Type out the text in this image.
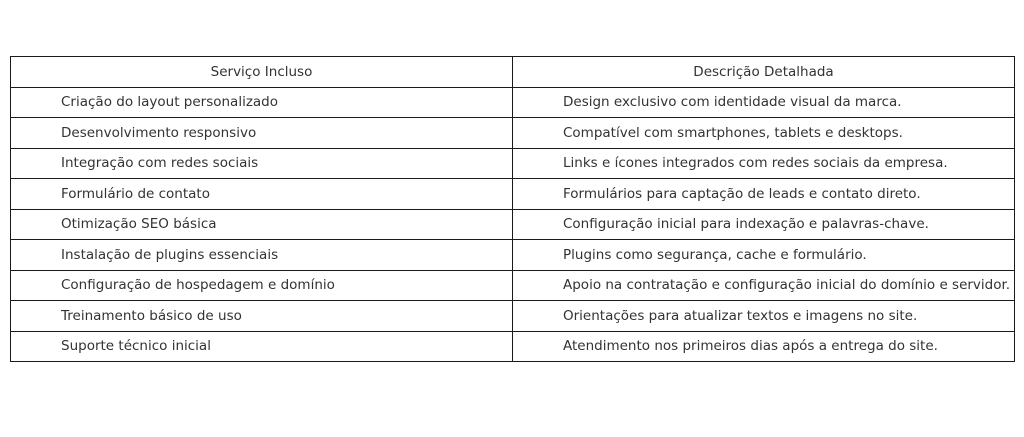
Serviço Incluso	Descrição Detalhada
Criação do layout personalizado	Design exclusivo com identidade visual da marca.
Desenvolvimento responsivo	Compatível com smartphones, tablets e desktops.
Integração com redes sociais	Links e ícones integrados com redes sociais da empresa.
Formulário de contato	Formulários para captação de leads e contato direto.
Otimização SEO básica	Configuração inicial para indexação e palavras-chave.
Instalação de plugins essenciais	Plugins como segurança, cache e formulário.
Configuração de hospedagem e domínio	Apoio na contratação e configuração inicial do domínio e servidor.
Treinamento básico de uso	Orientações para atualizar textos e imagens no site.
Suporte técnico inicial	Atendimento nos primeiros dias após a entrega do site.
